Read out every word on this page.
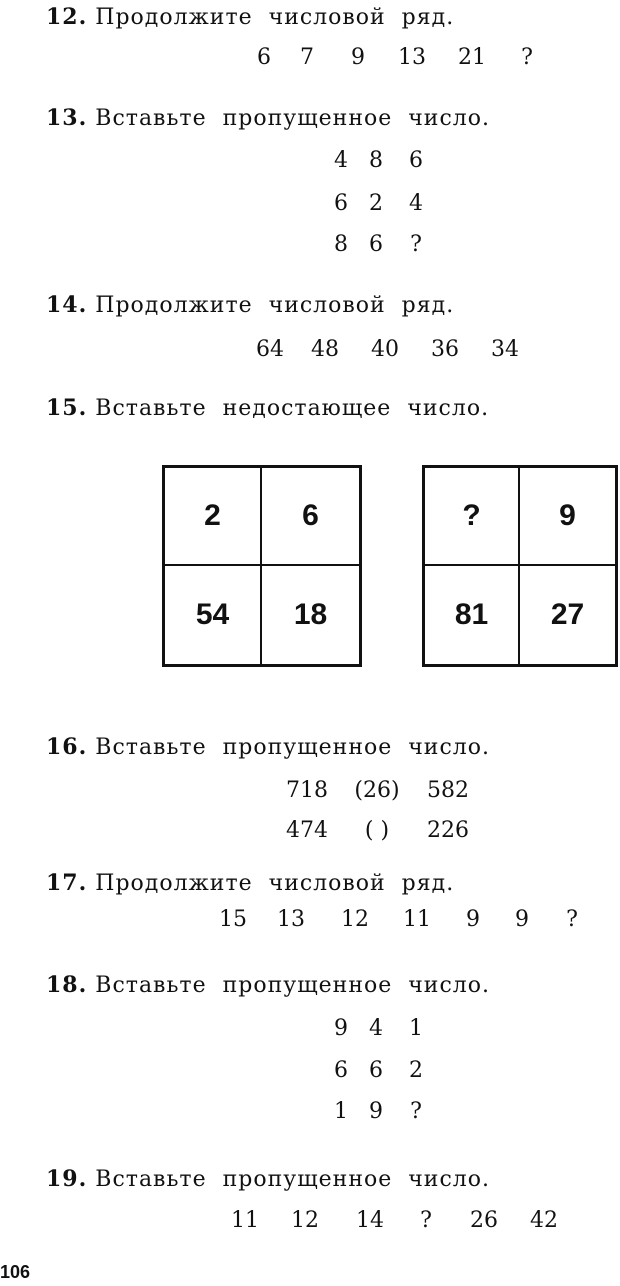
12. Продолжите числовой ряд.
6 7 9 13 21 ?
13. Вставьте пропущенное число.
4 8 6
6 2 4
8 6 ?
14. Продолжите числовой ряд.
64 48 40 36 34
15. Вставьте недостающее число.
2	6
54	18
?	9
81	27
16. Вставьте пропущенное число.
718 (26) 582
474 ( ) 226
17. Продолжите числовой ряд.
15 13 12 11 9 9 ?
18. Вставьте пропущенное число.
9 4 1
6 6 2
1 9 ?
19. Вставьте пропущенное число.
11 12 14 ? 26 42
106
